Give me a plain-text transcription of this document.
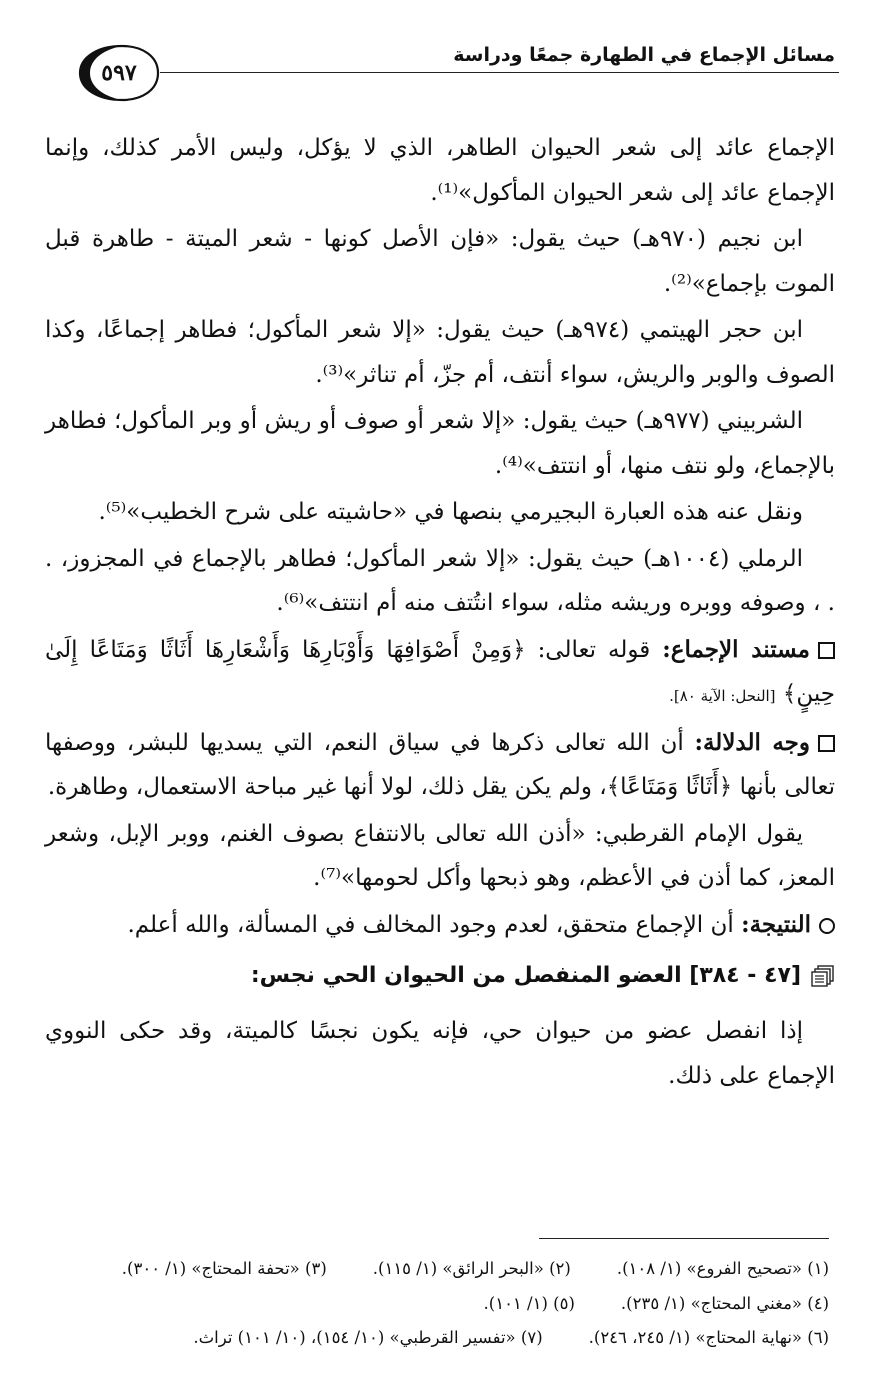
مسائل الإجماع في الطهارة جمعًا ودراسة
٥٩٧

الإجماع عائد إلى شعر الحيوان الطاهر، الذي لا يؤكل، وليس الأمر كذلك، وإنما الإجماع عائد إلى شعر الحيوان المأكول»⁽¹⁾.

ابن نجيم (٩٧٠هـ) حيث يقول: «فإن الأصل كونها - شعر الميتة - طاهرة قبل الموت بإجماع»⁽²⁾.

ابن حجر الهيتمي (٩٧٤هـ) حيث يقول: «إلا شعر المأكول؛ فطاهر إجماعًا، وكذا الصوف والوبر والريش، سواء أنتف، أم جزّ، أم تناثر»⁽³⁾.

الشربيني (٩٧٧هـ) حيث يقول: «إلا شعر أو صوف أو ريش أو وبر المأكول؛ فطاهر بالإجماع، ولو نتف منها، أو انتتف»⁽⁴⁾.

ونقل عنه هذه العبارة البجيرمي بنصها في «حاشيته على شرح الخطيب»⁽⁵⁾.

الرملي (١٠٠٤هـ) حيث يقول: «إلا شعر المأكول؛ فطاهر بالإجماع في المجزوز، . . ، وصوفه ووبره وريشه مثله، سواء انتُتف منه أم انتتف»⁽⁶⁾.

مستند الإجماع: قوله تعالى: ﴿وَمِنْ أَصْوَافِهَا وَأَوْبَارِهَا وَأَشْعَارِهَا أَثَاثًا وَمَتَاعًا إِلَىٰ حِينٍ﴾ [النحل: الآية ٨٠].

وجه الدلالة: أن الله تعالى ذكرها في سياق النعم، التي يسديها للبشر، ووصفها تعالى بأنها ﴿أَثَاثًا وَمَتَاعًا﴾، ولم يكن يقل ذلك، لولا أنها غير مباحة الاستعمال، وطاهرة.

يقول الإمام القرطبي: «أذن الله تعالى بالانتفاع بصوف الغنم، ووبر الإبل، وشعر المعز، كما أذن في الأعظم، وهو ذبحها وأكل لحومها»⁽⁷⁾.

النتيجة: أن الإجماع متحقق، لعدم وجود المخالف في المسألة، والله أعلم.

[٤٧ - ٣٨٤] العضو المنفصل من الحيوان الحي نجس:

إذا انفصل عضو من حيوان حي، فإنه يكون نجسًا كالميتة، وقد حكى النووي الإجماع على ذلك.

(١) «تصحيح الفروع» (١/ ١٠٨).
(٢) «البحر الرائق» (١/ ١١٥).
(٣) «تحفة المحتاج» (١/ ٣٠٠).
(٤) «مغني المحتاج» (١/ ٢٣٥).
(٥) (١/ ١٠١).
(٦) «نهاية المحتاج» (١/ ٢٤٥، ٢٤٦).
(٧) «تفسير القرطبي» (١٠/ ١٥٤)، (١٠/ ١٠١) تراث.
